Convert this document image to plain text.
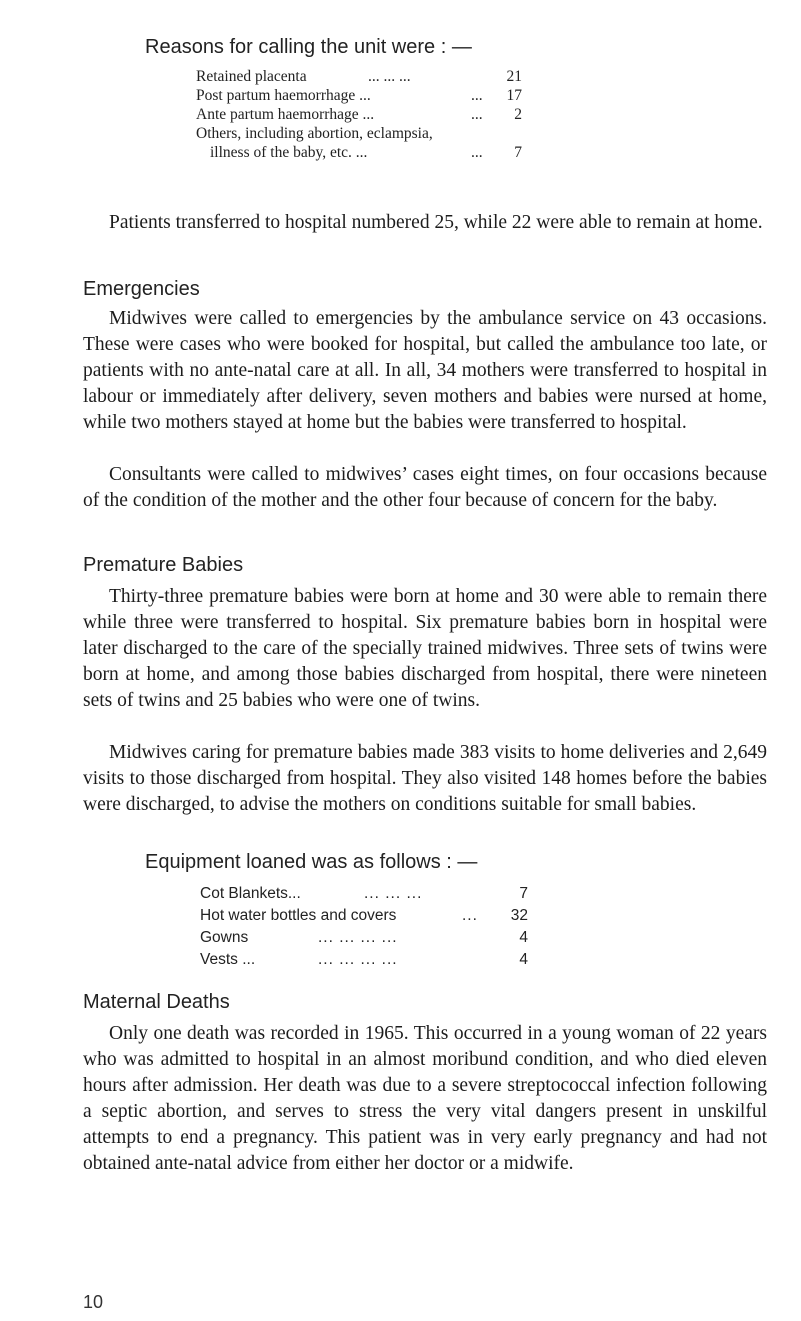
Reasons for calling the unit were : —
Retained placenta	... ... ...	21
Post partum haemorrhage ...	... 17
Ante partum haemorrhage ...	... 2
Others, including abortion, eclampsia,
illness of the baby, etc. ...	... 7

Patients transferred to hospital numbered 25, while 22 were able to remain at home.

Emergencies

Midwives were called to emergencies by the ambulance service on 43 occasions. These were cases who were booked for hospital, but called the ambulance too late, or patients with no ante-natal care at all. In all, 34 mothers were transferred to hospital in labour or immediately after delivery, seven mothers and babies were nursed at home, while two mothers stayed at home but the babies were transferred to hospital.

Consultants were called to midwives’ cases eight times, on four occasions because of the condition of the mother and the other four because of concern for the baby.

Premature Babies

Thirty-three premature babies were born at home and 30 were able to remain there while three were transferred to hospital. Six premature babies born in hospital were later discharged to the care of the specially trained midwives. Three sets of twins were born at home, and among those babies discharged from hospital, there were nineteen sets of twins and 25 babies who were one of twins.

Midwives caring for premature babies made 383 visits to home deliveries and 2,649 visits to those discharged from hospital. They also visited 148 homes before the babies were discharged, to advise the mothers on conditions suitable for small babies.

Equipment loaned was as follows : —
Cot Blankets...	... ... ...	7
Hot water bottles and covers	... 32
Gowns	... ... ... ...	4
Vests ...	... ... ... ...	4
Maternal Deaths

Only one death was recorded in 1965. This occurred in a young woman of 22 years who was admitted to hospital in an almost moribund condition, and who died eleven hours after admission. Her death was due to a severe streptococcal infection following a septic abortion, and serves to stress the very vital dangers present in unskilful attempts to end a pregnancy. This patient was in very early pregnancy and had not obtained ante-natal advice from either her doctor or a midwife.

10
